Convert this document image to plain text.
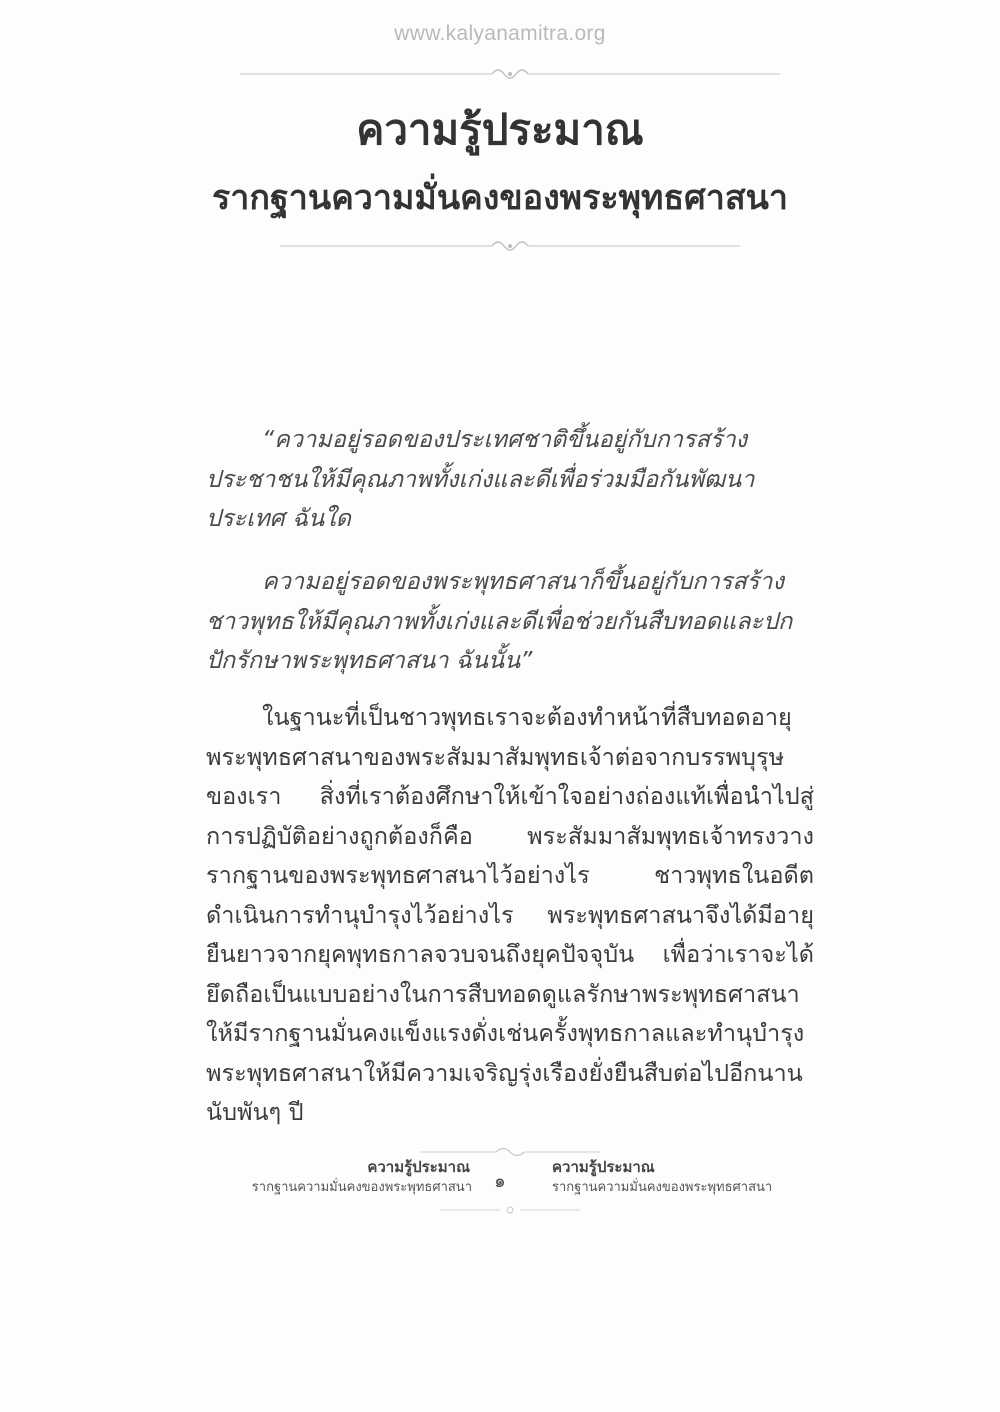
www.kalyanamitra.org
ความรู้ประมาณ
รากฐานความมั่นคงของพระพุทธศาสนา

“ความอยู่รอดของประเทศชาติขึ้นอยู่กับการสร้างประชาชนให้มีคุณภาพทั้งเก่งและดีเพื่อร่วมมือกันพัฒนาประเทศ ฉันใด

ความอยู่รอดของพระพุทธศาสนาก็ขึ้นอยู่กับการสร้างชาวพุทธให้มีคุณภาพทั้งเก่งและดีเพื่อช่วยกันสืบทอดและปกปักรักษาพระพุทธศาสนา ฉันนั้น”

ในฐานะที่เป็นชาวพุทธเราจะต้องทำหน้าที่สืบทอดอายุพระพุทธศาสนาของพระสัมมาสัมพุทธเจ้าต่อจากบรรพบุรุษของเรา สิ่งที่เราต้องศึกษาให้เข้าใจอย่างถ่องแท้เพื่อนำไปสู่การปฏิบัติอย่างถูกต้องก็คือ พระสัมมาสัมพุทธเจ้าทรงวางรากฐานของพระพุทธศาสนาไว้อย่างไร ชาวพุทธในอดีตดำเนินการทำนุบำรุงไว้อย่างไร พระพุทธศาสนาจึงได้มีอายุยืนยาวจากยุคพุทธกาลจวบจนถึงยุคปัจจุบัน เพื่อว่าเราจะได้ยึดถือเป็นแบบอย่างในการสืบทอดดูแลรักษาพระพุทธศาสนาให้มีรากฐานมั่นคงแข็งแรงดั่งเช่นครั้งพุทธกาลและทำนุบำรุงพระพุทธศาสนาให้มีความเจริญรุ่งเรืองยั่งยืนสืบต่อไปอีกนานนับพันๆ ปี

ความรู้ประมาณ
รากฐานความมั่นคงของพระพุทธศาสนา ๑
ความรู้ประมาณ
รากฐานความมั่นคงของพระพุทธศาสนา
